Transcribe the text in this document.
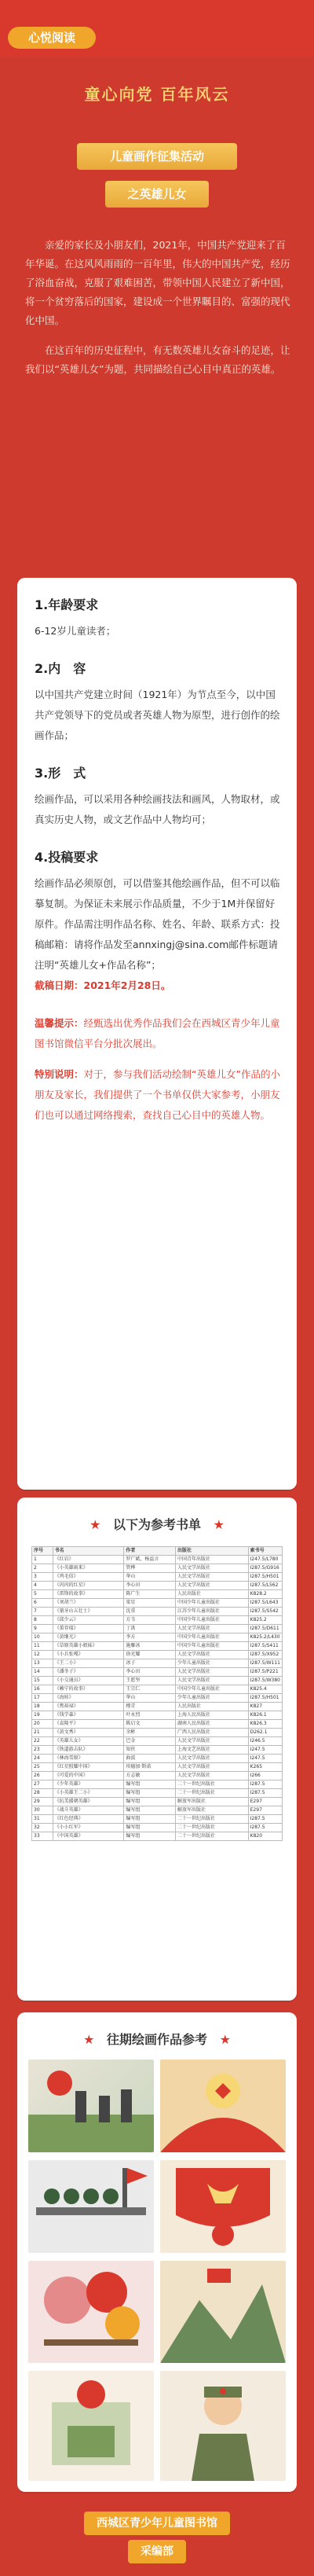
心悦阅读
童心向党 百年风云
儿童画作征集活动
之英雄儿女

亲爱的家长及小朋友们，2021年，中国共产党迎来了百年华诞。在这风风雨雨的一百年里，伟大的中国共产党，经历了浴血奋战，克服了艰难困苦，带领中国人民建立了新中国，将一个贫穷落后的国家，建设成一个世界瞩目的、富强的现代化中国。

在这百年的历史征程中，有无数英雄儿女奋斗的足迹，让我们以“英雄儿女”为题，共同描绘自己心目中真正的英雄。

1.年龄要求

6-12岁儿童读者；

2.内　容

以中国共产党建立时间（1921年）为节点至今，以中国共产党领导下的党员或者英雄人物为原型，进行创作的绘画作品；

3.形　式

绘画作品，可以采用各种绘画技法和画风，人物取材，或真实历史人物，或文艺作品中人物均可；

4.投稿要求

绘画作品必须原创，可以借鉴其他绘画作品，但不可以临摹复制。为保证未来展示作品质量，不少于1M并保留好原件。作品需注明作品名称、姓名、年龄、联系方式：投稿邮箱：请将作品发至annxingj@sina.com邮件标题请注明“英雄儿女+作品名称”；

截稿日期：2021年2月28日。

温馨提示：经甄选出优秀作品我们会在西城区青少年儿童图书馆微信平台分批次展出。

特别说明：对于，参与我们活动绘制“英雄儿女”作品的小朋友及家长，我们提供了一个书单仅供大家参考，小朋友们也可以通过网络搜索，查找自己心目中的英雄人物。

★ 以下为参考书单 ★
序号	书名	作者	出版社	索书号
1	《红岩》	罗广斌，杨益言	中国青年出版社	I247.5/L780
2	《小英雄雨来》	管桦	人民文学出版社	I287.5/G916
3	《鸡毛信》	华山	人民文学出版社	I287.5/H501
4	《闪闪的红星》	李心田	人民文学出版社	I287.5/L562
5	《雷锋的故事》	陈广生	人民出版社	K828.2
6	《刘胡兰》	梁星	中国少年儿童出版社	I287.5/L643
7	《狼牙山五壮士》	沈重	江苏少年儿童出版社	I287.5/S542
8	《邱少云》	方韦	中国少年儿童出版社	K825.2
9	《董存瑞》	丁洪	人民文学出版社	I287.5/D611
10	《黄继光》	李方	中国少年儿童出版社	K825.2/L430
11	《草原英雄小姐妹》	施雁冰	中国少年儿童出版社	I287.5/S411
12	《小兵张嘎》	徐光耀	人民文学出版社	I287.5/X952
13	《王二小》	冰子	少年儿童出版社	I287.5/W111
14	《潘冬子》	李心田	人民文学出版社	I287.5/P221
15	《小交通员》	王愿坚	人民文学出版社	I287.5/W380
16	《赖宁的故事》	王宗仁	中国少年儿童出版社	K825.4
17	《海娃》	华山	少年儿童出版社	I287.5/H501
18	《焦裕禄》	穆青	人民出版社	K827
19	《钱学森》	叶永烈	上海人民出版社	K826.1
20	《袁隆平》	陈启文	湖南人民出版社	K826.3
21	《黄文秀》	余彬	广西人民出版社	D262.1
22	《英雄儿女》	巴金	人民文学出版社	I246.5
23	《铁道游击队》	知侠	上海文艺出版社	I247.5
24	《林海雪原》	曲波	人民文学出版社	I247.5
25	《红星照耀中国》	埃德加·斯诺	人民文学出版社	K265
26	《可爱的中国》	方志敏	人民文学出版社	I266
27	《少年英雄》	编写组	二十一世纪出版社	I287.5
28	《小英雄王二小》	编写组	二十一世纪出版社	I287.5
29	《抗美援朝英雄》	编写组	解放军出版社	E297
30	《战斗英雄》	编写组	解放军出版社	E297
31	《红色经典》	编写组	二十一世纪出版社	I287.5
32	《小小红军》	编写组	二十一世纪出版社	I287.5
33	《中国英雄》	编写组	二十一世纪出版社	K820
★ 往期绘画作品参考 ★
西城区青少年儿童图书馆
采编部
